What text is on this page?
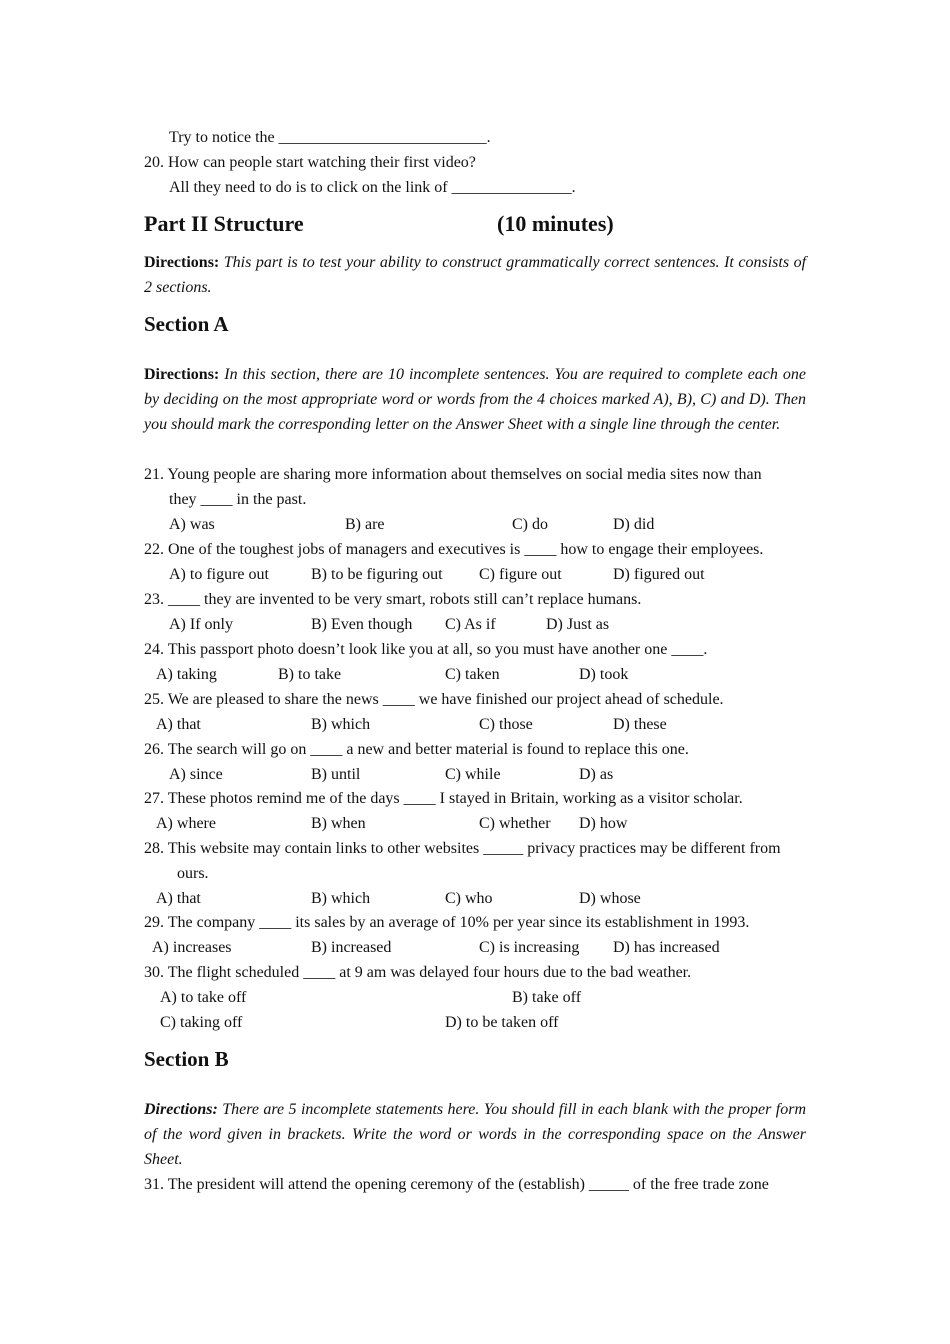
Try to notice the __________________________.
20. How can people start watching their first video?
All they need to do is to click on the link of _______________.
Part II Structure	(10 minutes)
Directions: This part is to test your ability to construct grammatically correct sentences. It consists of 2 sections.
Section A
Directions: In this section, there are 10 incomplete sentences. You are required to complete each one by deciding on the most appropriate word or words from the 4 choices marked A), B), C) and D). Then you should mark the corresponding letter on the Answer Sheet with a single line through the center.
21. Young people are sharing more information about themselves on social media sites now than
they ____ in the past.
A) was	B) are	C) do	D) did
22. One of the toughest jobs of managers and executives is ____ how to engage their employees.
A) to figure out	B) to be figuring out C) figure out	D) figured out
23. ____ they are invented to be very smart, robots still can’t replace humans.
A) If only	B) Even though C) As if	D) Just as
24. This passport photo doesn’t look like you at all, so you must have another one ____.
A) taking	B) to take	C) taken	D) took
25. We are pleased to share the news ____ we have finished our project ahead of schedule.
A) that	B) which	C) those	D) these
26. The search will go on ____ a new and better material is found to replace this one.
A) since	B) until	C) while	D) as
27. These photos remind me of the days ____ I stayed in Britain, working as a visitor scholar.
A) where	B) when	C) whether D) how
28. This website may contain links to other websites _____ privacy practices may be different from
ours.
A) that	B) which	C) who	D) whose
29. The company ____ its sales by an average of 10% per year since its establishment in 1993.
A) increases	B) increased	C) is increasing D) has increased
30. The flight scheduled ____ at 9 am was delayed four hours due to the bad weather.
A) to take off	B) take off
C) taking off	D) to be taken off
Section B
Directions: There are 5 incomplete statements here. You should fill in each blank with the proper form of the word given in brackets. Write the word or words in the corresponding space on the Answer Sheet.
31. The president will attend the opening ceremony of the (establish) _____ of the free trade zone
